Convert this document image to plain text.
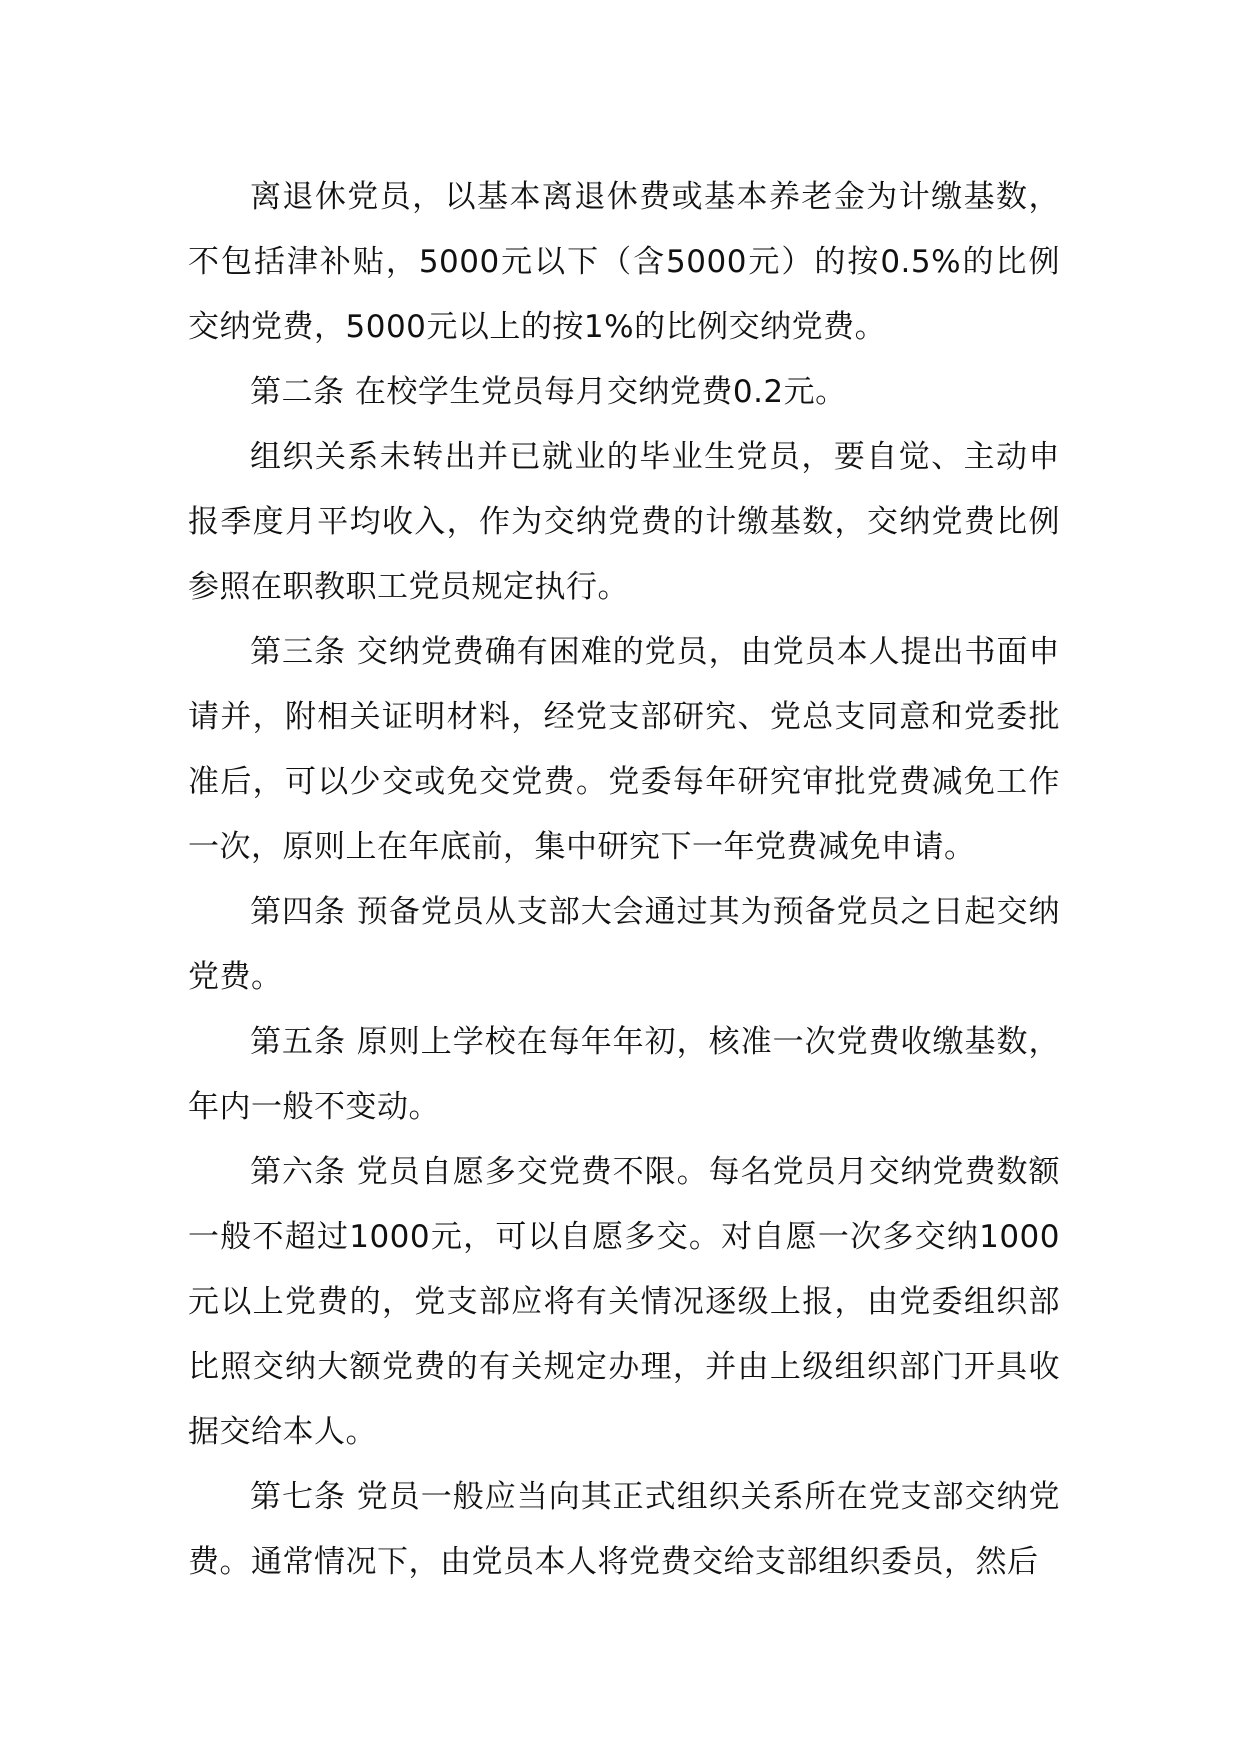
离退休党员，以基本离退休费或基本养老金为计缴基数，不包括津补贴，5000元以下（含5000元）的按0.5%的比例交纳党费，5000元以上的按1%的比例交纳党费。

第二条 在校学生党员每月交纳党费0.2元。

组织关系未转出并已就业的毕业生党员，要自觉、主动申报季度月平均收入，作为交纳党费的计缴基数，交纳党费比例参照在职教职工党员规定执行。

第三条 交纳党费确有困难的党员，由党员本人提出书面申请并，附相关证明材料，经党支部研究、党总支同意和党委批准后，可以少交或免交党费。党委每年研究审批党费减免工作一次，原则上在年底前，集中研究下一年党费减免申请。

第四条 预备党员从支部大会通过其为预备党员之日起交纳党费。

第五条 原则上学校在每年年初，核准一次党费收缴基数，年内一般不变动。

第六条 党员自愿多交党费不限。每名党员月交纳党费数额一般不超过1000元，可以自愿多交。对自愿一次多交纳1000元以上党费的，党支部应将有关情况逐级上报，由党委组织部比照交纳大额党费的有关规定办理，并由上级组织部门开具收据交给本人。

第七条 党员一般应当向其正式组织关系所在党支部交纳党费。通常情况下，由党员本人将党费交给支部组织委员，然后
